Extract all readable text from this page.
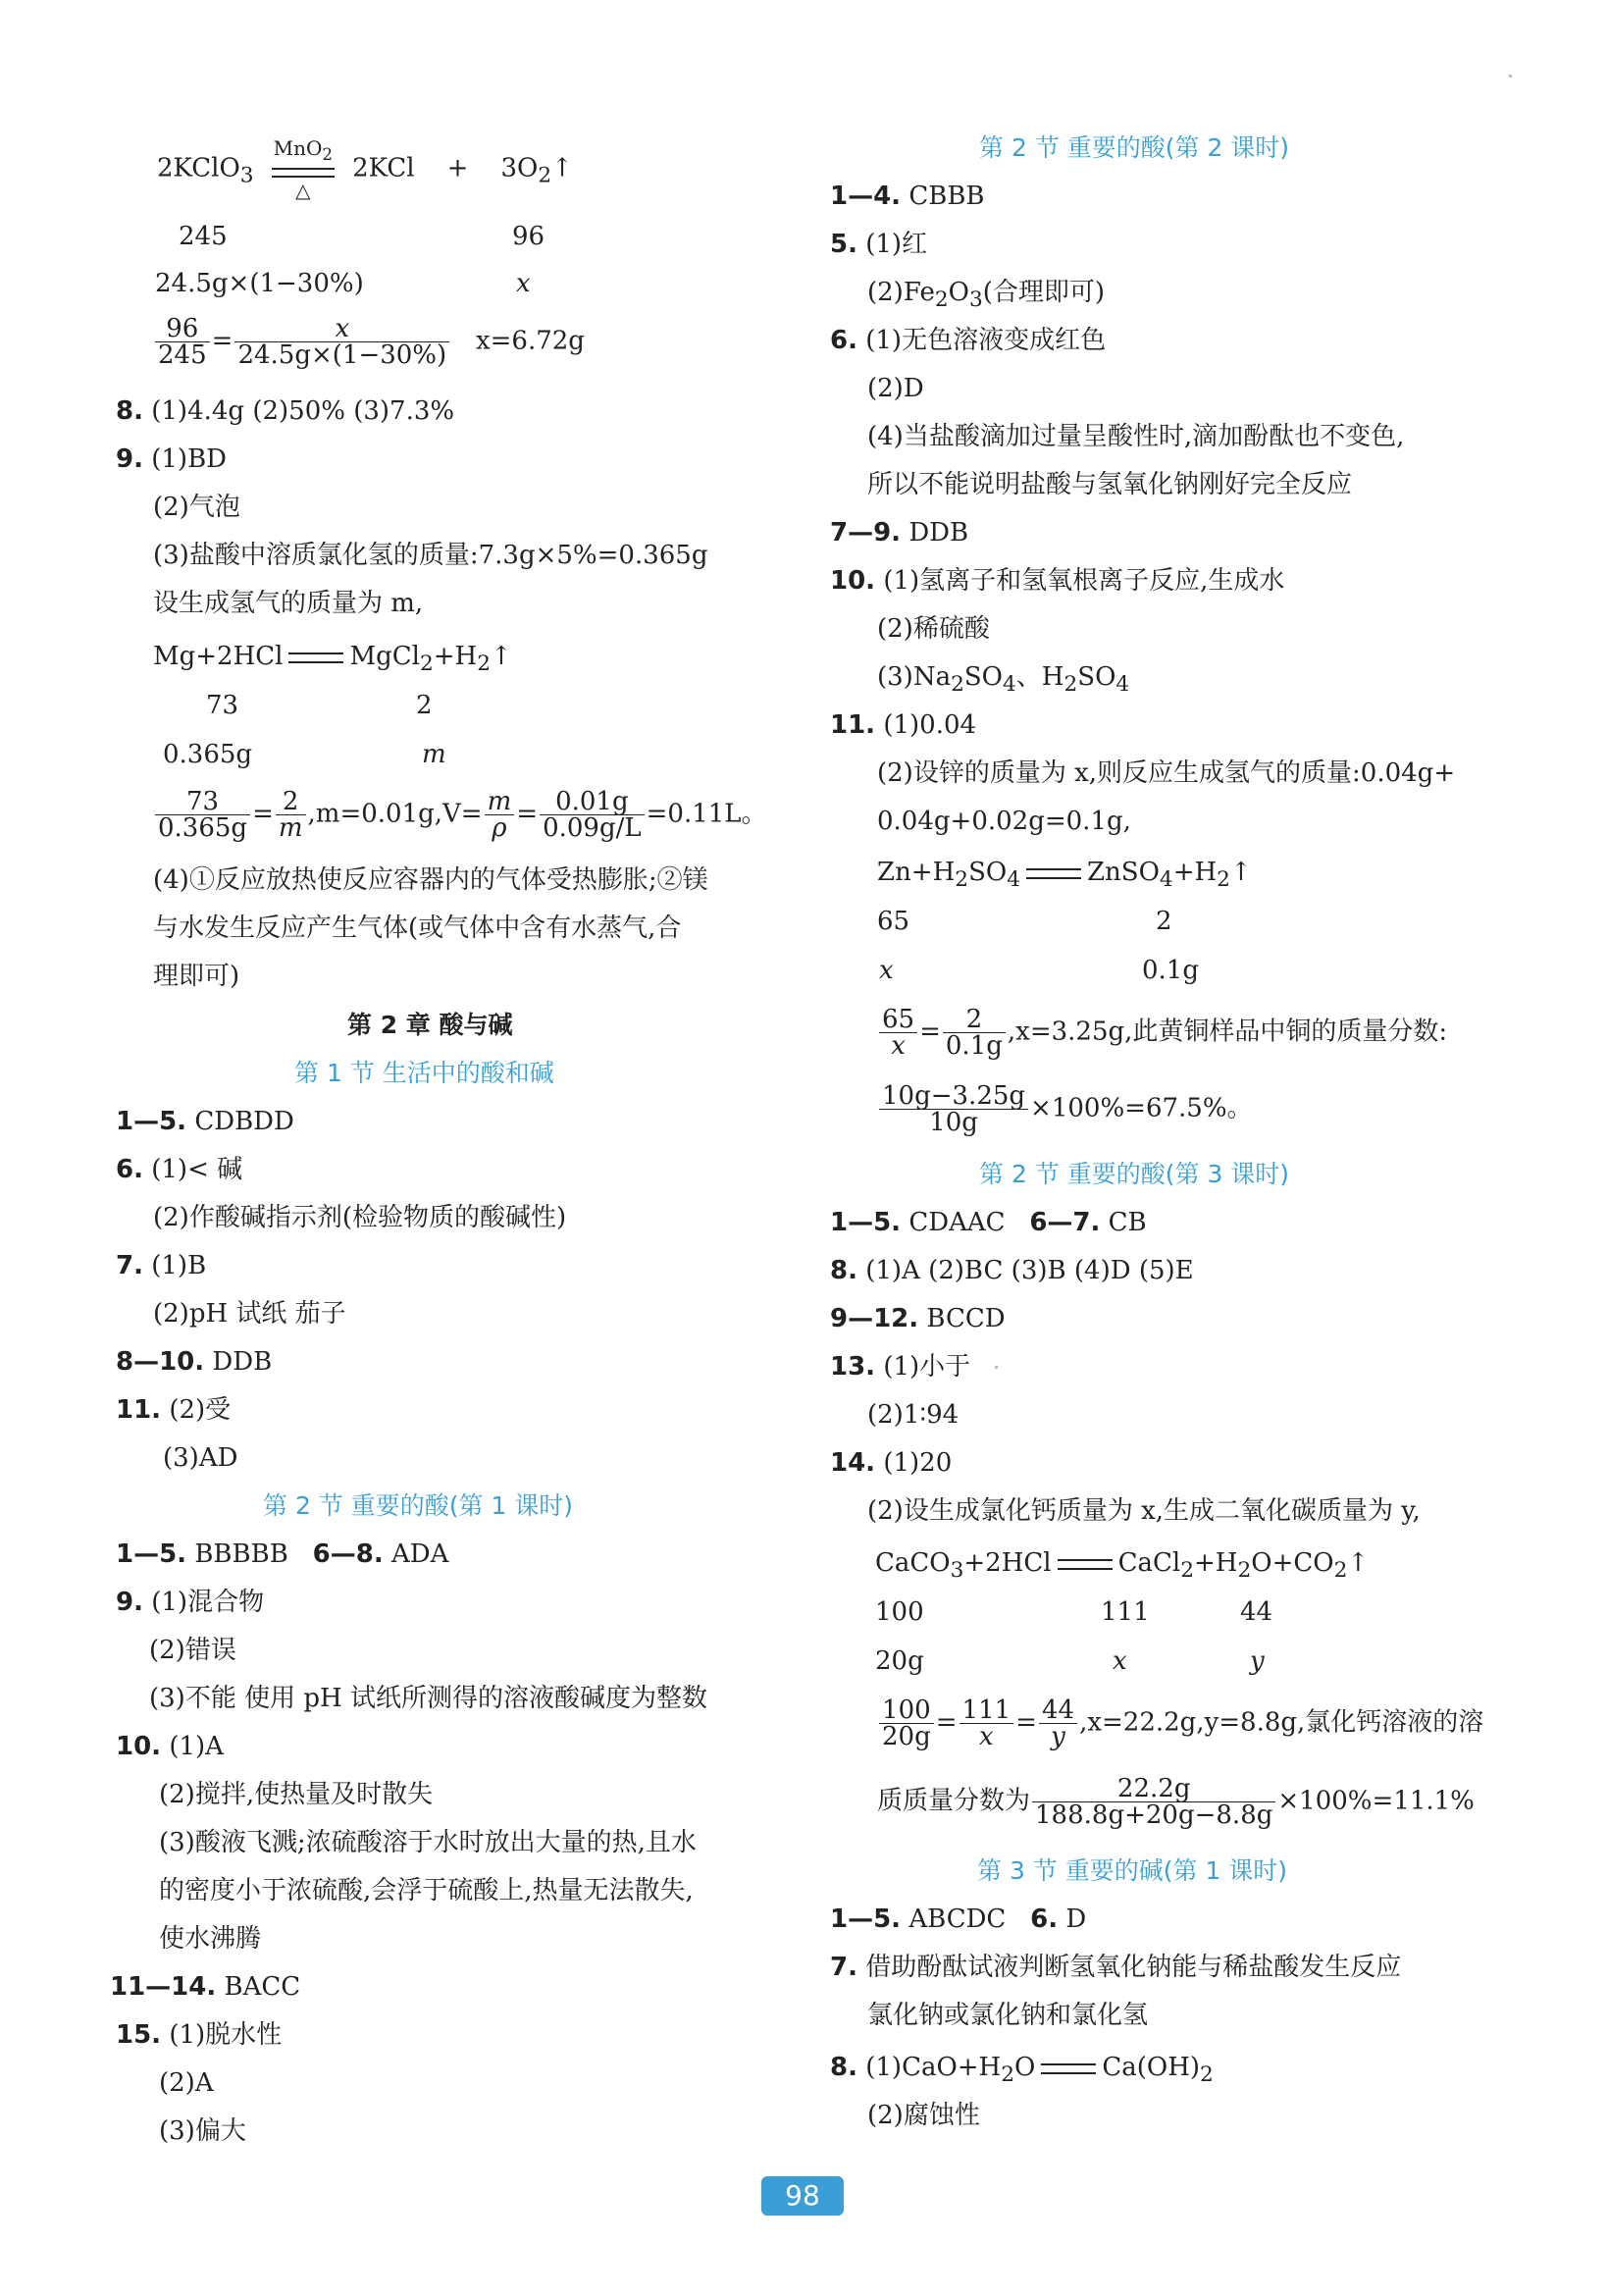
2KClO$_3$ MnO$_2$
△ $2KCl + 3O_2↑$
245	96
24.5g×(1−30%)	x
$\frac{96}{245} = \frac{x}{24.5g\times(1-30\%)} x=6.72g$
8. (1)4.4g (2)50% (3)7.3%
9. (1)BD
(2)气泡
(3)盐酸中溶质氯化氢的质量:7.3g×5%=0.365g
设生成氢气的质量为 m,
Mg+2HCl	$MgCl_2+H_2↑$
73	2
0.365g	m
$\frac{73}{0.365g} = \frac{2}{m} ,m=0.01g,V= \frac{m}{\rho} = \frac{0.01g}{0.09g/L} =0.11L$。
(4)①反应放热使反应容器内的气体受热膨胀;②镁
与水发生反应产生气体(或气体中含有水蒸气,合
理即可)
第 2 章 酸与碱
第 1 节 生活中的酸和碱
1—5. CDBDD
6. (1)< 碱
(2)作酸碱指示剂(检验物质的酸碱性)
7. (1)B
(2)pH 试纸 茄子
8—10. DDB
11. (2)受
(3)AD
第 2 节 重要的酸(第 1 课时)
1—5. BBBBB 6—8. ADA
9. (1)混合物
(2)错误
(3)不能 使用 pH 试纸所测得的溶液酸碱度为整数
10. (1)A
(2)搅拌,使热量及时散失
(3)酸液飞溅;浓硫酸溶于水时放出大量的热,且水
的密度小于浓硫酸,会浮于硫酸上,热量无法散失,
使水沸腾
11—14. BACC
15. (1)脱水性
(2)A
(3)偏大
第 2 节 重要的酸(第 2 课时)
1—4. CBBB
5. (1)红
$(2)Fe_2O_3$(合理即可)
6. (1)无色溶液变成红色
(2)D
(4)当盐酸滴加过量呈酸性时,滴加酚酞也不变色,
所以不能说明盐酸与氢氧化钠刚好完全反应
7—9. DDB
10. (1)氢离子和氢氧根离子反应,生成水
(2)稀硫酸
$(3)Na_2SO_4$、$H_2SO_4$
11. (1)0.04
(2)设锌的质量为 x,则反应生成氢气的质量:0.04g+
0.04g+0.02g=0.1g,
$Zn+H_2SO_4$	$ZnSO_4+H_2↑$
65	2
x	0.1g
$\frac{65}{x} = \frac{2}{0.1g} ,x=3.25g$,此黄铜样品中铜的质量分数:
$\frac{10g-3.25g}{10g} \times 100\%=67.5\%$。
第 2 节 重要的酸(第 3 课时)
1—5. CDAAC 6—7. CB
8. (1)A (2)BC (3)B (4)D (5)E
9—12. BCCD
13. (1)小于
(2)1∶94
14. (1)20
(2)设生成氯化钙质量为 x,生成二氧化碳质量为 y,
CaCO$_3$+2HCl	$CaCl_2+H_2O+CO_2↑$
100	111	44
20g	x	y
$\frac{100}{20g} = \frac{111}{x} = \frac{44}{y} ,x=22.2g,y=8.8g$,氯化钙溶液的溶
质质量分数为 $\frac{22.2g}{188.8g+20g-8.8g} \times 100\%=11.1\%$
第 3 节 重要的碱(第 1 课时)
1—5. ABCDC 6. D
7. 借助酚酞试液判断氢氧化钠能与稀盐酸发生反应
氯化钠或氯化钠和氯化氢
8. $(1)CaO+H_2O$	$Ca(OH)_2$
(2)腐蚀性
98
